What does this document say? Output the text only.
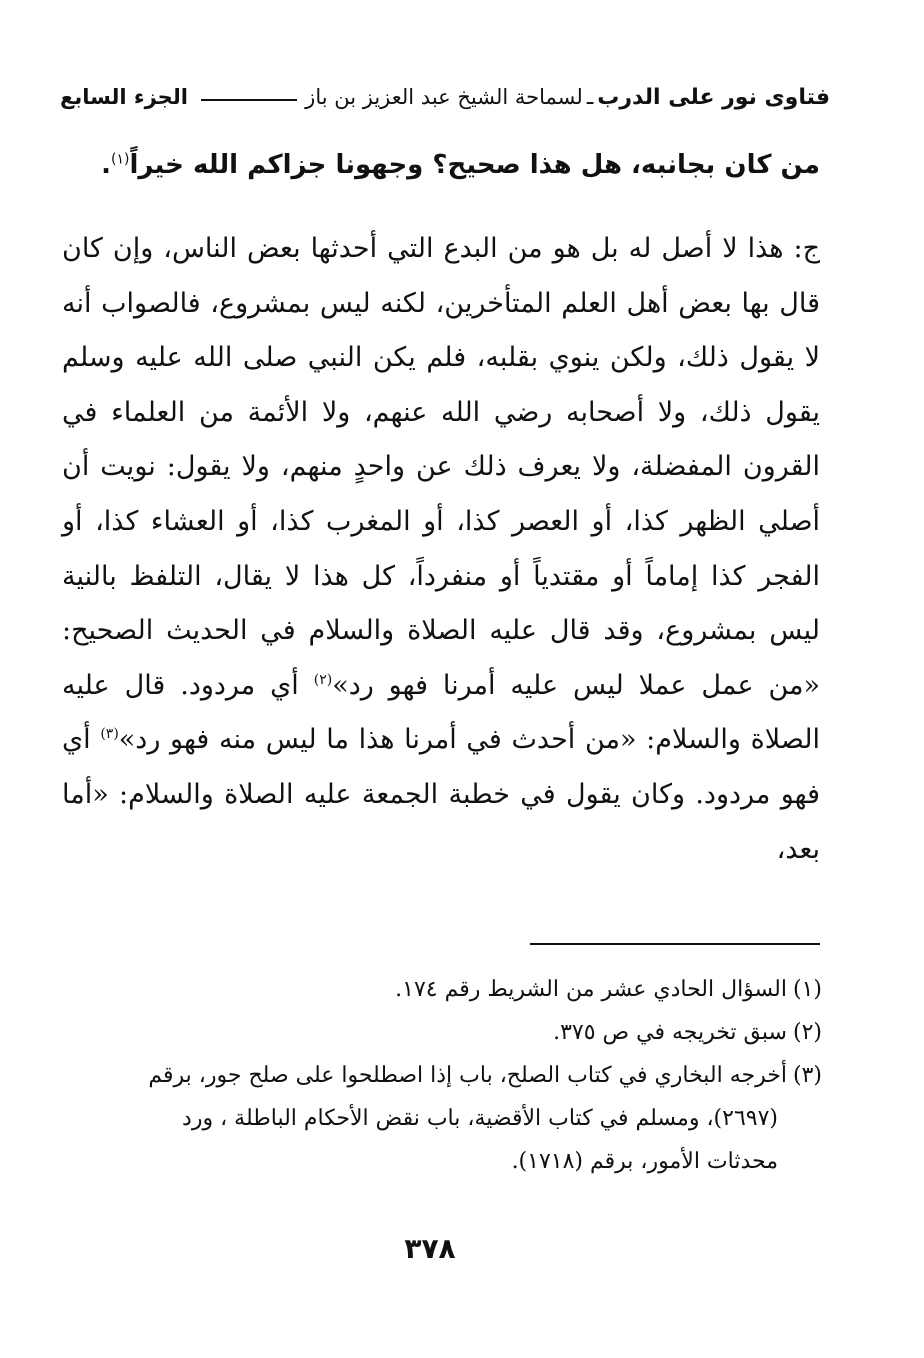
فتاوى نور على الدرب
ـ
لسماحة الشيخ عبد العزيز بن باز
الجزء السابع
من كان بجانبه، هل هذا صحيح؟ وجهونا جزاكم الله خيراً$^{(١)}$.

ج: هذا لا أصل له بل هو من البدع التي أحدثها بعض الناس، وإن كان قال بها بعض أهل العلم المتأخرين، لكنه ليس بمشروع، فالصواب أنه لا يقول ذلك، ولكن ينوي بقلبه، فلم يكن النبي صلى الله عليه وسلم يقول ذلك، ولا أصحابه رضي الله عنهم، ولا الأئمة من العلماء في القرون المفضلة، ولا يعرف ذلك عن واحدٍ منهم، ولا يقول: نويت أن أصلي الظهر كذا، أو العصر كذا، أو المغرب كذا، أو العشاء كذا، أو الفجر كذا إماماً أو مقتدياً أو منفرداً، كل هذا لا يقال، التلفظ بالنية ليس بمشروع، وقد قال عليه الصلاة والسلام في الحديث الصحيح: «من عمل عملا ليس عليه أمرنا فهو رد»$^{(٢)}$ أي مردود. قال عليه الصلاة والسلام: «من أحدث في أمرنا هذا ما ليس منه فهو رد»$^{(٣)}$ أي فهو مردود. وكان يقول في خطبة الجمعة عليه الصلاة والسلام: «أما بعد،

(١)السؤال الحادي عشر من الشريط رقم ١٧٤.

(٢)سبق تخريجه في ص ٣٧٥.

(٣)أخرجه البخاري في كتاب الصلح، باب إذا اصطلحوا على صلح جور، برقم

(٢٦٩٧)، ومسلم في كتاب الأقضية، باب نقض الأحكام الباطلة ، ورد

محدثات الأمور، برقم (١٧١٨).

٣٧٨
